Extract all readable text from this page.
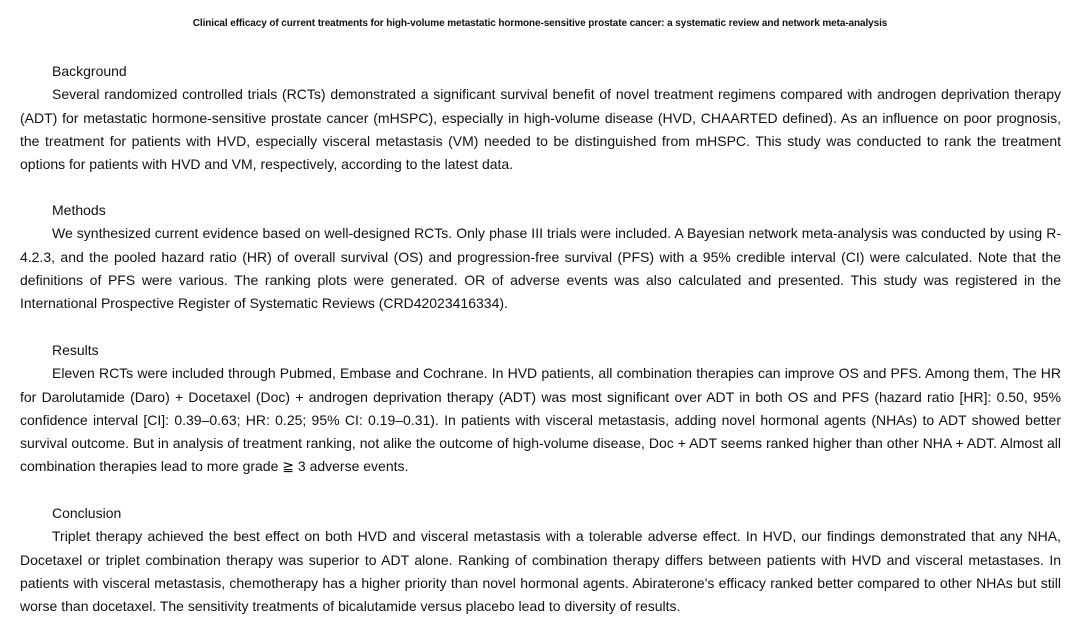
Clinical efficacy of current treatments for high-volume metastatic hormone-sensitive prostate cancer: a systematic review and network meta-analysis

Background

Several randomized controlled trials (RCTs) demonstrated a significant survival benefit of novel treatment regimens compared with androgen deprivation therapy (ADT) for metastatic hormone-sensitive prostate cancer (mHSPC), especially in high-volume disease (HVD, CHAARTED defined). As an influence on poor prognosis, the treatment for patients with HVD, especially visceral metastasis (VM) needed to be distinguished from mHSPC. This study was conducted to rank the treatment options for patients with HVD and VM, respectively, according to the latest data.

Methods

We synthesized current evidence based on well-designed RCTs. Only phase III trials were included. A Bayesian network meta-analysis was conducted by using R-4.2.3, and the pooled hazard ratio (HR) of overall survival (OS) and progression-free survival (PFS) with a 95% credible interval (CI) were calculated. Note that the definitions of PFS were various. The ranking plots were generated. OR of adverse events was also calculated and presented. This study was registered in the International Prospective Register of Systematic Reviews (CRD42023416334).

Results

Eleven RCTs were included through Pubmed, Embase and Cochrane. In HVD patients, all combination therapies can improve OS and PFS. Among them, The HR for Darolutamide (Daro) + Docetaxel (Doc) + androgen deprivation therapy (ADT) was most significant over ADT in both OS and PFS (hazard ratio [HR]: 0.50, 95% confidence interval [CI]: 0.39–0.63; HR: 0.25; 95% CI: 0.19–0.31). In patients with visceral metastasis, adding novel hormonal agents (NHAs) to ADT showed better survival outcome. But in analysis of treatment ranking, not alike the outcome of high-volume disease, Doc + ADT seems ranked higher than other NHA + ADT. Almost all combination therapies lead to more grade ≧ 3 adverse events.

Conclusion

Triplet therapy achieved the best effect on both HVD and visceral metastasis with a tolerable adverse effect. In HVD, our findings demonstrated that any NHA, Docetaxel or triplet combination therapy was superior to ADT alone. Ranking of combination therapy differs between patients with HVD and visceral metastases. In patients with visceral metastasis, chemotherapy has a higher priority than novel hormonal agents. Abiraterone's efficacy ranked better compared to other NHAs but still worse than docetaxel. The sensitivity treatments of bicalutamide versus placebo lead to diversity of results.
